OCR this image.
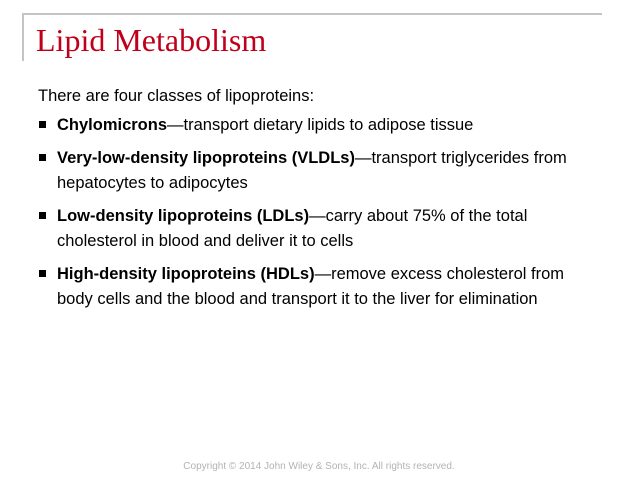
Lipid Metabolism

There are four classes of lipoproteins:

Chylomicrons—transport dietary lipids to adipose tissue
Very-low-density lipoproteins (VLDLs)—transport triglycerides from hepatocytes to adipocytes
Low-density lipoproteins (LDLs)—carry about 75% of the total cholesterol in blood and deliver it to cells
High-density lipoproteins (HDLs)—remove excess cholesterol from body cells and the blood and transport it to the liver for elimination
Copyright © 2014 John Wiley & Sons, Inc. All rights reserved.
